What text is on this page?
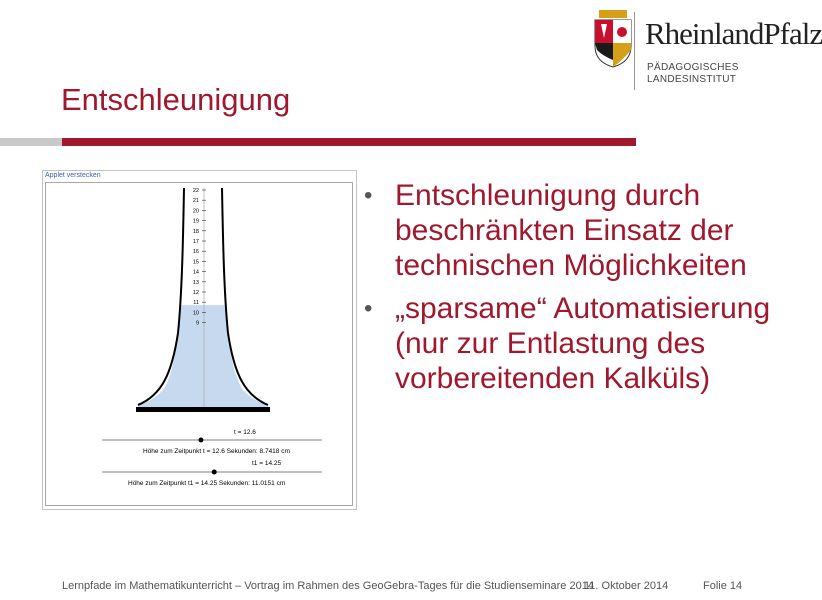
Entschleunigung
RheinlandPfalz
PÄDAGOGISCHES
LANDESINSTITUT
Applet verstecken
22
21
20
19
18
17
16
15
14
13
12
11
10
9
t = 12.6
Höhe zum Zeitpunkt t = 12.6 Sekunden: 8.7418 cm
t1 = 14.25
Höhe zum Zeitpunkt t1 = 14.25 Sekunden: 11.0151 cm
• Entschleunigung durch beschränkten Einsatz der technischen Möglichkeiten
• „sparsame“ Automatisierung (nur zur Entlastung des vorbereitenden Kalküls)
Lernpfade im Mathematikunterricht – Vortrag im Rahmen des GeoGebra-Tages für die Studienseminare 2014
11. Oktober 2014	Folie 14
